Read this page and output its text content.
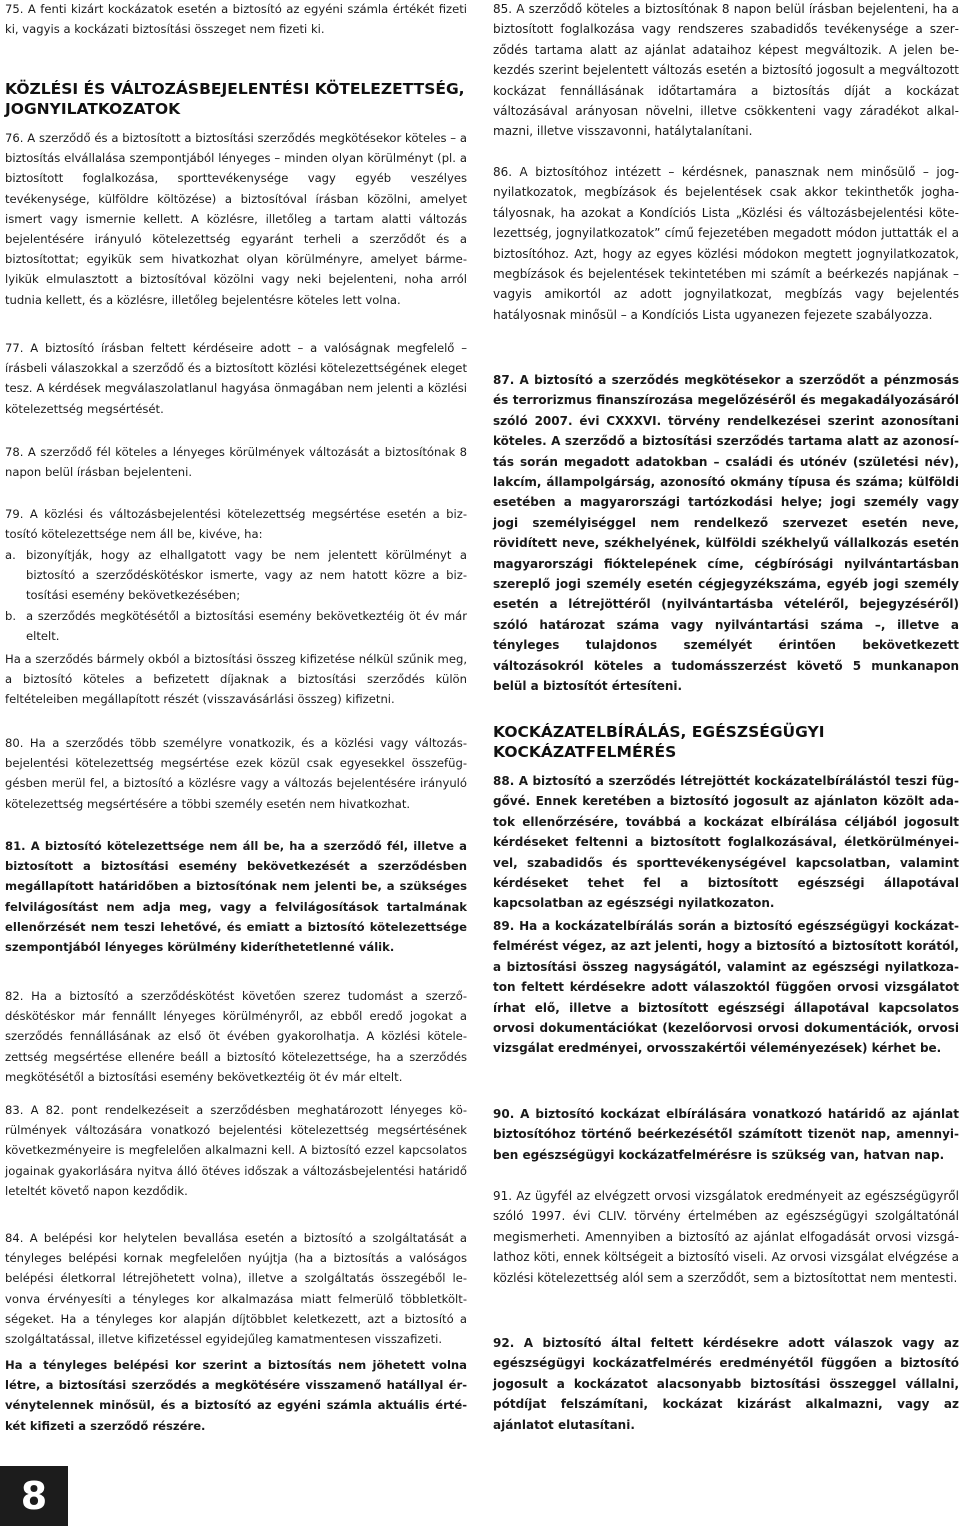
75. A fenti kizárt kockázatok esetén a biztosító az egyéni számla értékét fizeti ki, vagyis a kockázati biztosítási összeget nem fizeti ki.

KÖZLÉSI ÉS VÁLTOZÁSBEJELENTÉSI KÖTELEZETTSÉG, JOGNYILATKOZATOK

76. A szerződő és a biztosított a biztosítási szerződés megkötésekor köteles – a biztosítás elvállalása szempontjából lényeges – minden olyan körülményt (pl. a biztosított foglalkozása, sporttevékenysége vagy egyéb veszélyes tevékenysége, külföldre költözése) a biztosítóval írásban közölni, amelyet ismert vagy ismernie kellett. A közlésre, illetőleg a tartam alatti változás bejelentésére irányuló kötelezettség egyaránt terheli a szerződőt és a biztosítottat; egyikük sem hivatkozhat olyan körülményre, amelyet bármelyikük elmulasztott a biztosítóval közölni vagy neki bejelenteni, noha arról tudnia kellett, és a közlésre, illetőleg bejelentésre köteles lett volna.

77. A biztosító írásban feltett kérdéseire adott – a valóságnak megfelelő – írásbeli válaszokkal a szerződő és a biztosított közlési kötelezettségének eleget tesz. A kérdések megválaszolatlanul hagyása önmagában nem jelenti a közlési kötelezettség megsértését.

78. A szerződő fél köteles a lényeges körülmények változását a biztosítónak 8 napon belül írásban bejelenteni.

79. A közlési és változásbejelentési kötelezettség megsértése esetén a biztosító kötelezettsége nem áll be, kivéve, ha:

a. bizonyítják, hogy az elhallgatott vagy be nem jelentett körülményt a biztosító a szerződéskötéskor ismerte, vagy az nem hatott közre a biztosítási esemény bekövetkezésében;
b. a szerződés megkötésétől a biztosítási esemény bekövetkeztéig öt év már eltelt.

Ha a szerződés bármely okból a biztosítási összeg kifizetése nélkül szűnik meg, a biztosító köteles a befizetett díjaknak a biztosítási szerződés külön feltételeiben megállapított részét (visszavásárlási összeg) kifizetni.

80. Ha a szerződés több személyre vonatkozik, és a közlési vagy változásbejelentési kötelezettség megsértése ezek közül csak egyesekkel összefüggésben merül fel, a biztosító a közlésre vagy a változás bejelentésére irányuló kötelezettség megsértésére a többi személy esetén nem hivatkozhat.

81. A biztosító kötelezettsége nem áll be, ha a szerződő fél, illetve a biztosított a biztosítási esemény bekövetkezését a szerződésben megállapított határidőben a biztosítónak nem jelenti be, a szükséges felvilágosítást nem adja meg, vagy a felvilágosítások tartalmának ellenőrzését nem teszi lehetővé, és emiatt a biztosító kötelezettsége szempontjából lényeges körülmény kideríthetetlenné válik.

82. Ha a biztosító a szerződéskötést követően szerez tudomást a szerződéskötéskor már fennállt lényeges körülményről, az ebből eredő jogokat a szerződés fennállásának az első öt évében gyakorolhatja. A közlési kötelezettség megsértése ellenére beáll a biztosító kötelezettsége, ha a szerződés megkötésétől a biztosítási esemény bekövetkeztéig öt év már eltelt.

83. A 82. pont rendelkezéseit a szerződésben meghatározott lényeges körülmények változására vonatkozó bejelentési kötelezettség megsértésének következményeire is megfelelően alkalmazni kell. A biztosító ezzel kapcsolatos jogainak gyakorlására nyitva álló ötéves időszak a változásbejelentési határidő leteltét követő napon kezdődik.

84. A belépési kor helytelen bevallása esetén a biztosító a szolgáltatását a tényleges belépési kornak megfelelően nyújtja (ha a biztosítás a valóságos belépési életkorral létrejöhetett volna), illetve a szolgáltatás összegéből levonva érvényesíti a tényleges kor alkalmazása miatt felmerülő többletköltségeket. Ha a tényleges kor alapján díjtöbblet keletkezett, azt a biztosító a szolgáltatással, illetve kifizetéssel egyidejűleg kamatmentesen visszafizeti.

Ha a tényleges belépési kor szerint a biztosítás nem jöhetett volna létre, a biztosítási szerződés a megkötésére visszamenő hatállyal érvénytelennek minősül, és a biztosító az egyéni számla aktuális értékét kifizeti a szerződő részére.

85. A szerződő köteles a biztosítónak 8 napon belül írásban bejelenteni, ha a biztosított foglalkozása vagy rendszeres szabadidős tevékenysége a szerződés tartama alatt az ajánlat adataihoz képest megváltozik. A jelen bekezdés szerint bejelentett változás esetén a biztosító jogosult a megváltozott kockázat fennállásának időtartamára a biztosítás díját a kockázat változásával arányosan növelni, illetve csökkenteni vagy záradékot alkalmazni, illetve visszavonni, hatálytalanítani.

86. A biztosítóhoz intézett – kérdésnek, panasznak nem minősülő – jognyilatkozatok, megbízások és bejelentések csak akkor tekinthetők joghatályosnak, ha azokat a Kondíciós Lista „Közlési és változásbejelentési kötelezettség, jognyilatkozatok” című fejezetében megadott módon juttatták el a biztosítóhoz. Azt, hogy az egyes közlési módokon megtett jognyilatkozatok, megbízások és bejelentések tekintetében mi számít a beérkezés napjának – vagyis amikortól az adott jognyilatkozat, megbízás vagy bejelentés hatályosnak minősül – a Kondíciós Lista ugyanezen fejezete szabályozza.

87. A biztosító a szerződés megkötésekor a szerződőt a pénzmosás és terrorizmus finanszírozása megelőzéséről és megakadályozásáról szóló 2007. évi CXXXVI. törvény rendelkezései szerint azonosítani köteles. A szerződő a biztosítási szerződés tartama alatt az azonosítás során megadott adatokban – családi és utónév (születési név), lakcím, állampolgárság, azonosító okmány típusa és száma; külföldi esetében a magyarországi tartózkodási helye; jogi személy vagy jogi személyiséggel nem rendelkező szervezet esetén neve, rövidített neve, székhelyének, külföldi székhelyű vállalkozás esetén magyarországi fióktelepének címe, cégbírósági nyilvántartásban szereplő jogi személy esetén cégjegyzékszáma, egyéb jogi személy esetén a létrejöttéről (nyilvántartásba vételéről, bejegyzéséről) szóló határozat száma vagy nyilvántartási száma –, illetve a tényleges tulajdonos személyét érintően bekövetkezett változásokról köteles a tudomásszerzést követő 5 munkanapon belül a biztosítót értesíteni.

KOCKÁZATELBÍRÁLÁS, EGÉSZSÉGÜGYI KOCKÁZATFELMÉRÉS

88. A biztosító a szerződés létrejöttét kockázatelbírálástól teszi függővé. Ennek keretében a biztosító jogosult az ajánlaton közölt adatok ellenőrzésére, továbbá a kockázat elbírálása céljából jogosult kérdéseket feltenni a biztosított foglalkozásával, életkörülményeivel, szabadidős és sporttevékenységével kapcsolatban, valamint kérdéseket tehet fel a biztosított egészségi állapotával kapcsolatban az egészségi nyilatkozaton.

89. Ha a kockázatelbírálás során a biztosító egészségügyi kockázatfelmérést végez, az azt jelenti, hogy a biztosító a biztosított korától, a biztosítási összeg nagyságától, valamint az egészségi nyilatkozaton feltett kérdésekre adott válaszoktól függően orvosi vizsgálatot írhat elő, illetve a biztosított egészségi állapotával kapcsolatos orvosi dokumentációkat (kezelőorvosi orvosi dokumentációk, orvosi vizsgálat eredményei, orvosszakértői véleményezések) kérhet be.

90. A biztosító kockázat elbírálására vonatkozó határidő az ajánlat biztosítóhoz történő beérkezésétől számított tizenöt nap, amennyiben egészségügyi kockázatfelmérésre is szükség van, hatvan nap.

91. Az ügyfél az elvégzett orvosi vizsgálatok eredményeit az egészségügyről szóló 1997. évi CLIV. törvény értelmében az egészségügyi szolgáltatónál megismerheti. Amennyiben a biztosító az ajánlat elfogadását orvosi vizsgálathoz köti, ennek költségeit a biztosító viseli. Az orvosi vizsgálat elvégzése a közlési kötelezettség alól sem a szerződőt, sem a biztosítottat nem mentesti.

92. A biztosító által feltett kérdésekre adott válaszok vagy az egészségügyi kockázatfelmérés eredményétől függően a biztosító jogosult a kockázatot alacsonyabb biztosítási összeggel vállalni, pótdíjat felszámítani, kockázat kizárást alkalmazni, vagy az ajánlatot elutasítani.

8
